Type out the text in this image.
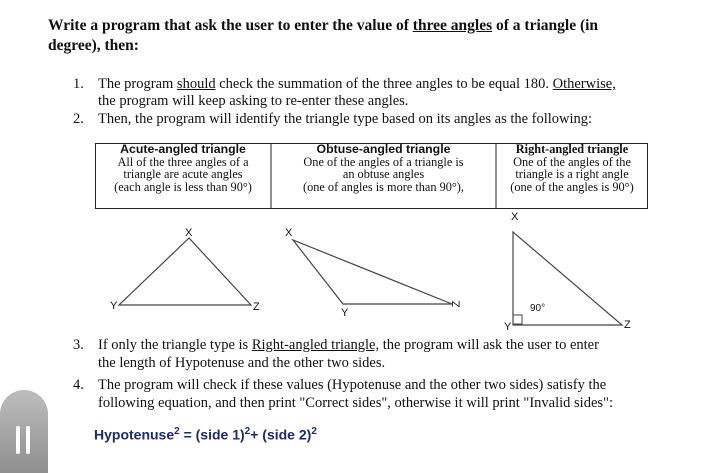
Write a program that ask the user to enter the value of three angles of a triangle (in
degree), then:
1. The program should check the summation of the three angles to be equal 180. Otherwise,
the program will keep asking to re-enter these angles.
2. Then, the program will identify the triangle type based on its angles as the following:
Acute-angled triangle
All of the three angles of a
triangle are acute angles
(each angle is less than 90°)
Obtuse-angled triangle
One of the angles of a triangle is
an obtuse angles
(one of angles is more than 90°),
Right-angled triangle
One of the angles of the
triangle is a right angle
(one of the angles is 90°)
X
Y	Z
X
Y
Z
X
Y	Z
90°
3. If only the triangle type is Right-angled triangle, the program will ask the user to enter
the length of Hypotenuse and the other two sides.
4. The program will check if these values (Hypotenuse and the other two sides) satisfy the
following equation, and then print "Correct sides", otherwise it will print "Invalid sides":
Hypotenuse$^2$ = (side 1)$^2$+ (side 2)$^2$
